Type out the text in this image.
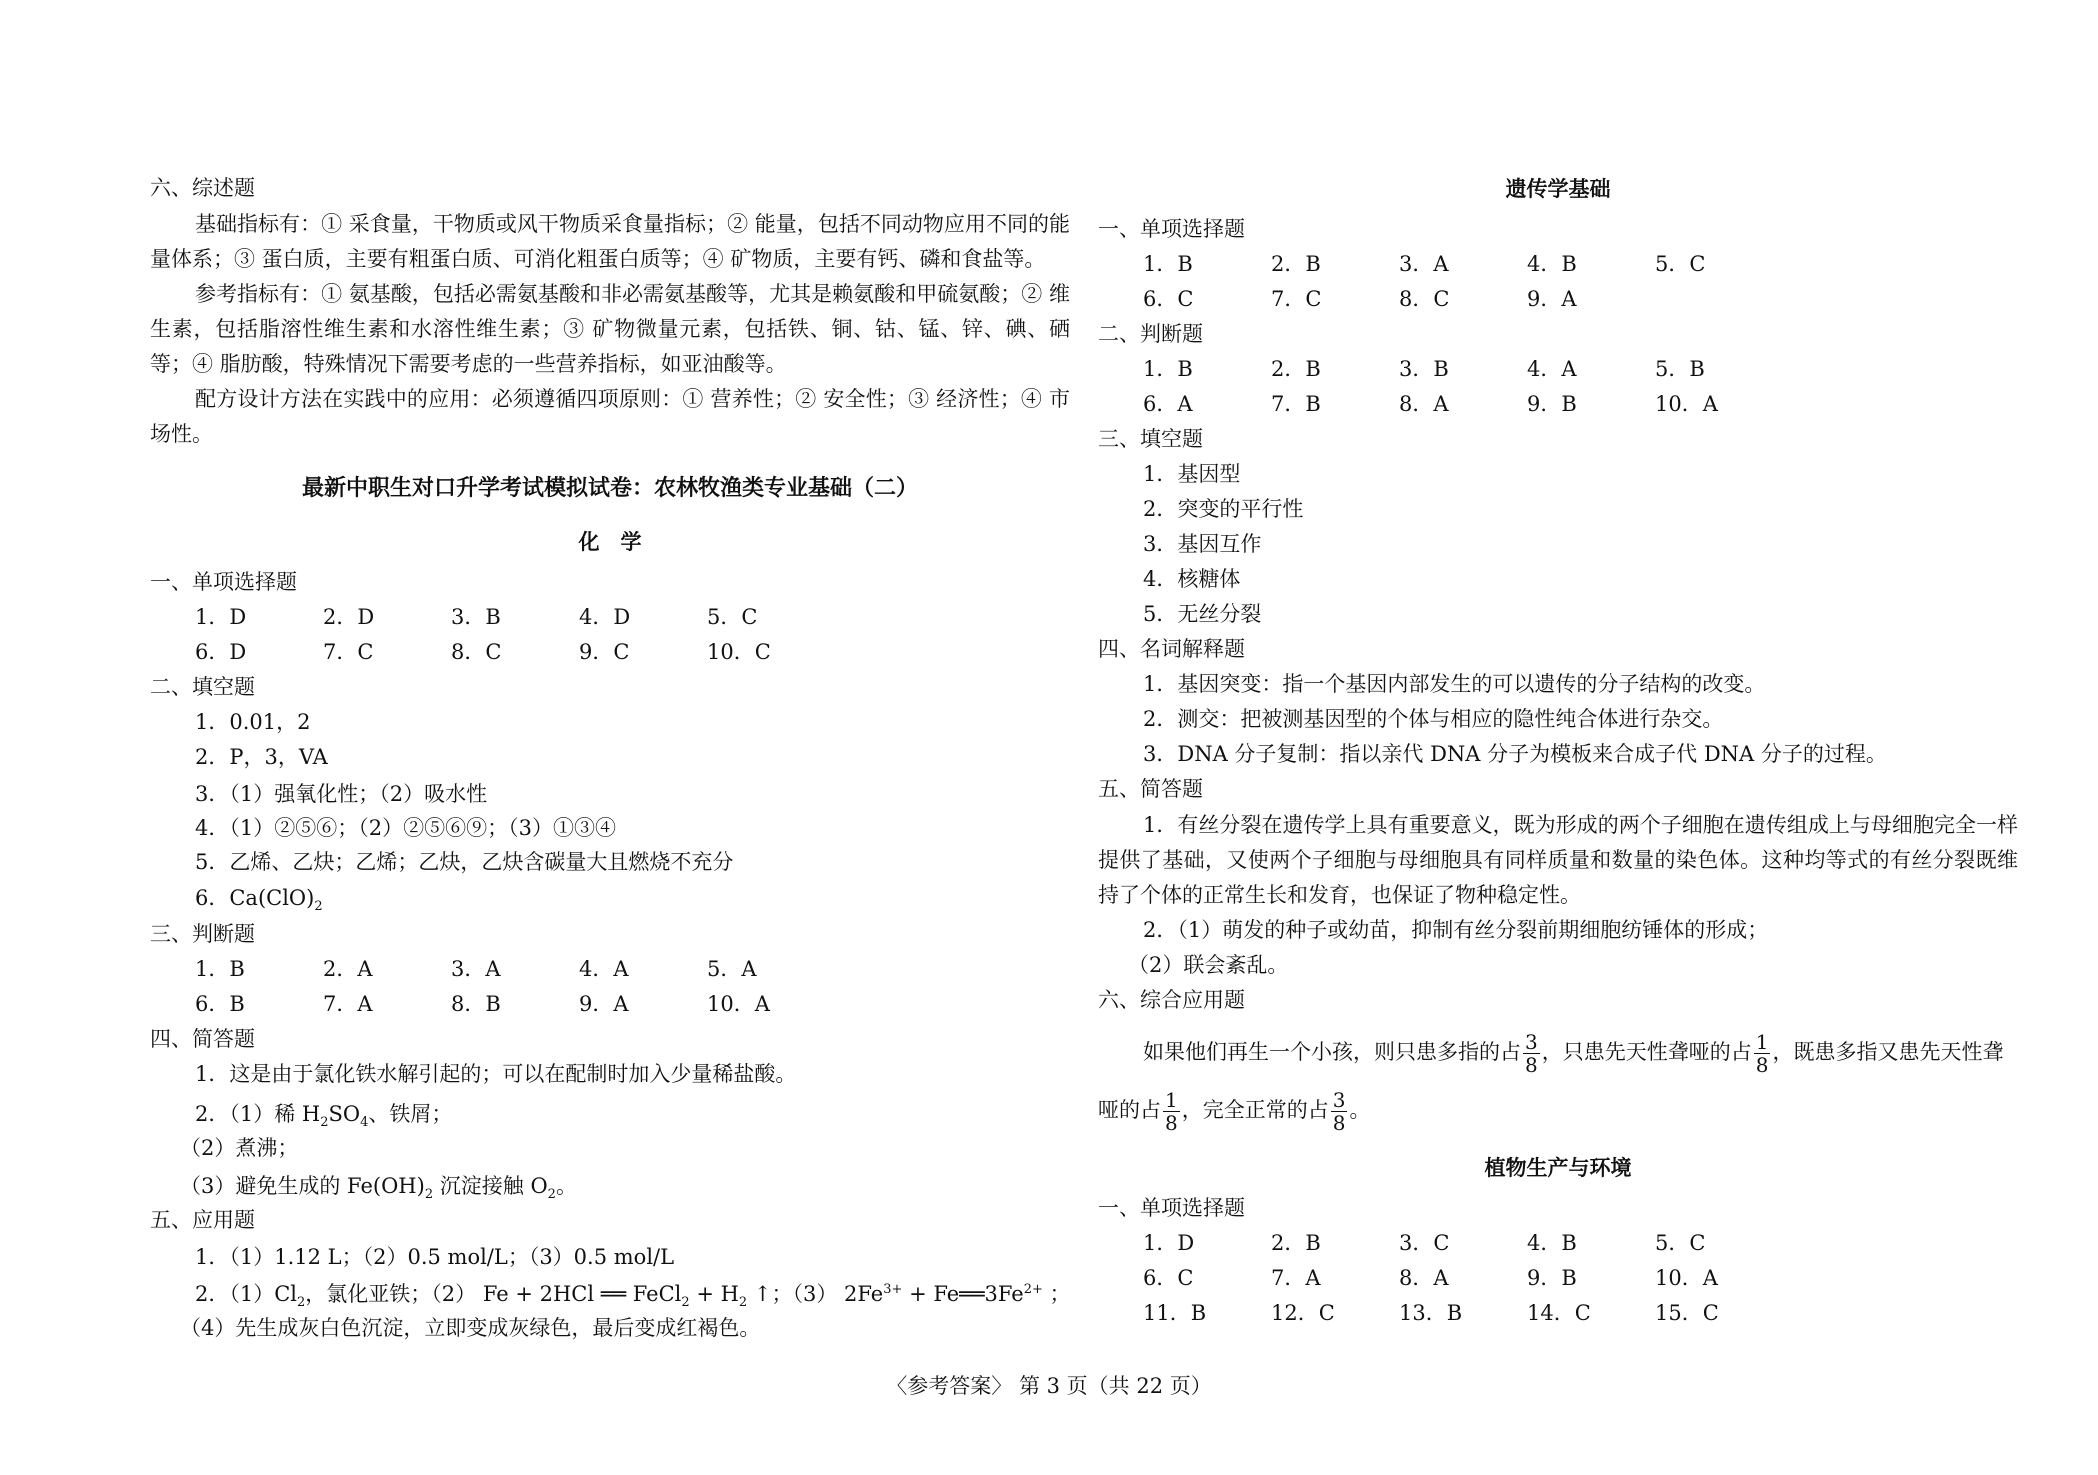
六、综述题
基础指标有：① 采食量，干物质或风干物质采食量指标；② 能量，包括不同动物应用不同的能量体系；③ 蛋白质，主要有粗蛋白质、可消化粗蛋白质等；④ 矿物质，主要有钙、磷和食盐等。
参考指标有：① 氨基酸，包括必需氨基酸和非必需氨基酸等，尤其是赖氨酸和甲硫氨酸；② 维生素，包括脂溶性维生素和水溶性维生素；③ 矿物微量元素，包括铁、铜、钴、锰、锌、碘、硒等；④ 脂肪酸，特殊情况下需要考虑的一些营养指标，如亚油酸等。
配方设计方法在实践中的应用：必须遵循四项原则：① 营养性；② 安全性；③ 经济性；④ 市场性。
最新中职生对口升学考试模拟试卷：农林牧渔类专业基础（二）
化　学
一、单项选择题
1．D	2．D	3．B	4．D	5．C
6．D	7．C	8．C	9．C	10．C
二、填空题
1．0.01，2
2．P，3，VA
3．（1）强氧化性；（2）吸水性
4．（1）②⑤⑥；（2）②⑤⑥⑨；（3）①③④
5．乙烯、乙炔；乙烯；乙炔，乙炔含碳量大且燃烧不充分
6．$Ca(ClO)_2$
三、判断题
1．B	2．A	3．A	4．A	5．A
6．B	7．A	8．B	9．A	10．A
四、简答题
1．这是由于氯化铁水解引起的；可以在配制时加入少量稀盐酸。
2．（1）稀 $H_2SO_4$、铁屑；
（2）煮沸；
（3）避免生成的 $Fe(OH)_2$ 沉淀接触 $O_2$。
五、应用题
1．（1）1.12 L；（2）0.5 mol/L；（3）0.5 mol/L
2．$(1)Cl_2$，氯化亚铁；（2） Fe + 2HCl ══ FeCl$_2$ + $H_2$ ↑；（3） $2Fe^{3+}$ + $Fe══3Fe^{2+}$ ；
（4）先生成灰白色沉淀，立即变成灰绿色，最后变成红褐色。
遗传学基础
一、单项选择题
1．B	2．B	3．A	4．B	5．C
6．C	7．C	8．C	9．A
二、判断题
1．B	2．B	3．B	4．A	5．B
6．A	7．B	8．A	9．B	10．A
三、填空题
1．基因型
2．突变的平行性
3．基因互作
4．核糖体
5．无丝分裂
四、名词解释题
1．基因突变：指一个基因内部发生的可以遗传的分子结构的改变。
2．测交：把被测基因型的个体与相应的隐性纯合体进行杂交。
3．DNA 分子复制：指以亲代 DNA 分子为模板来合成子代 DNA 分子的过程。
五、简答题
1．有丝分裂在遗传学上具有重要意义，既为形成的两个子细胞在遗传组成上与母细胞完全一样提供了基础，又使两个子细胞与母细胞具有同样质量和数量的染色体。这种均等式的有丝分裂既维持了个体的正常生长和发育，也保证了物种稳定性。
2．（1）萌发的种子或幼苗，抑制有丝分裂前期细胞纺锤体的形成；
（2）联会紊乱。
六、综合应用题
如果他们再生一个小孩，则只患多指的占 $\frac{3}{8}$ ，只患先天性聋哑的占 $\frac{1}{8}$ ，既患多指又患先天性聋
哑的占 $\frac{1}{8}$ ，完全正常的占 $\frac{3}{8}$ 。
植物生产与环境
一、单项选择题
1．D	2．B	3．C	4．B	5．C
6．C	7．A	8．A	9．B	10．A
11．B	12．C	13．B	14．C	15．C
〈参考答案〉 第 3 页（共 22 页）
